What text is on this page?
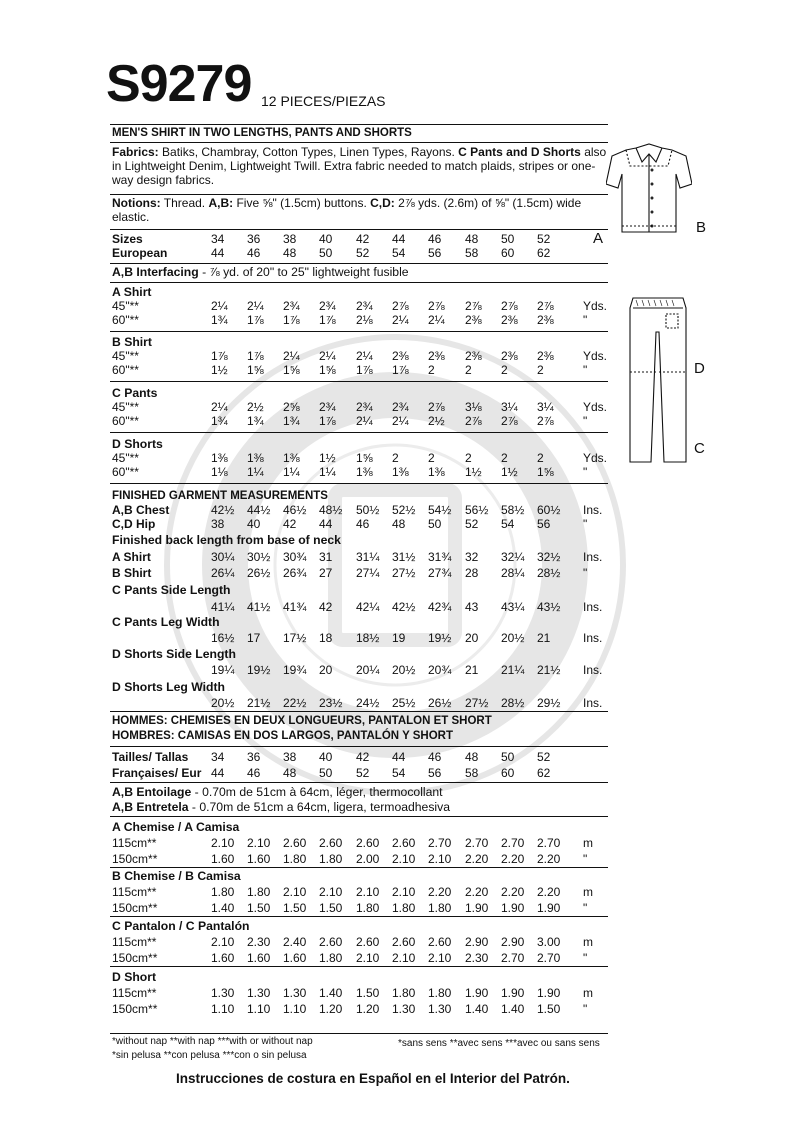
S9279 12 PIECES/PIEZAS
MEN'S SHIRT IN TWO LENGTHS, PANTS AND SHORTS
Fabrics: Batiks, Chambray, Cotton Types, Linen Types, Rayons. C Pants and D Shorts also in Lightweight Denim, Lightweight Twill. Extra fabric needed to match plaids, stripes or one-way design fabrics.
Notions: Thread. A,B: Five ⅝" (1.5cm) buttons. C,D: 2⅞ yds. (2.6m) of ⅝" (1.5cm) wide elastic.
*without nap **with nap ***with or without nap
*sin pelusa **con pelusa ***con o sin pelusa
*sans sens **avec sens ***avec ou sans sens
Instrucciones de costura en Español en el Interior del Patrón.
B
A
D
C
Sizes	34 36 38 40 42 44 46 48 50 52
European	44 46 48 50 52 54 56 58 60 62
A,B Interfacing - ⅞ yd. of 20" to 25" lightweight fusible
A Shirt
45"**	2¼ 2¼ 2¾ 2¾ 2¾ 2⅞ 2⅞ 2⅞ 2⅞ 2⅞ Yds.
60"**	1¾ 1⅞ 1⅞ 1⅞ 2⅛ 2¼ 2¼ 2⅜ 2⅜ 2⅜ "
B Shirt
45"**	1⅞ 1⅞ 2¼ 2¼ 2¼ 2⅜ 2⅜ 2⅜ 2⅜ 2⅜ Yds.
60"**	1½ 1⅝ 1⅝ 1⅝ 1⅞ 1⅞ 2	2 2 2	"
C Pants
45"**	2¼ 2½ 2⅝ 2¾ 2¾ 2¾ 2⅞ 3⅛ 3¼ 3¼ Yds.
60"**	1¾ 1¾ 1¾ 1⅞ 2¼ 2¼ 2½ 2⅞ 2⅞ 2⅞ "
D Shorts
45"**	1⅜ 1⅜ 1⅜ 1½ 1⅝ 2 2	2 2 2	Yds.
60"**	1⅛ 1¼ 1¼ 1¼ 1⅜ 1⅜ 1⅜ 1½ 1½ 1⅝ "
FINISHED GARMENT MEASUREMENTS
A,B Chest	42½ 44½ 46½ 48½ 50½ 52½ 54½ 56½ 58½ 60½ Ins.
C,D Hip	38 40 42 44 46 48 50 52 54 56	"
Finished back length from base of neck
A Shirt	30¼ 30½ 30¾ 31 31¼ 31½ 31¾ 32 32¼ 32½ Ins.
B Shirt	26¼ 26½ 26¾ 27 27¼ 27½ 27¾ 28 28¼ 28½ "
C Pants Side Length
41¼ 41½ 41¾ 42 42¼ 42½ 42¾ 43 43¼ 43½ Ins.
C Pants Leg Width
16½ 17 17½ 18 18½ 19 19½ 20 20½ 21	Ins.
D Shorts Side Length
19¼ 19½ 19¾ 20 20¼ 20½ 20¾ 21 21¼ 21½ Ins.
D Shorts Leg Width
20½ 21½ 22½ 23½ 24½ 25½ 26½ 27½ 28½ 29½ Ins.
HOMMES: CHEMISES EN DEUX LONGUEURS, PANTALON ET SHORT
HOMBRES: CAMISAS EN DOS LARGOS, PANTALÓN Y SHORT
Tailles/ Tallas 34 36 38 40 42 44 46 48 50 52
Françaises/ Eur 44 46 48 50 52 54 56 58 60 62
A,B Entoilage - 0.70m de 51cm à 64cm, léger, thermocollant
A,B Entretela - 0.70m de 51cm a 64cm, ligera, termoadhesiva
A Chemise / A Camisa
115cm**	2.10 2.10 2.60 2.60 2.60 2.60 2.70 2.70 2.70 2.70 m
150cm**	1.60 1.60 1.80 1.80 2.00 2.10 2.10 2.20 2.20 2.20 "
B Chemise / B Camisa
115cm**	1.80 1.80 2.10 2.10 2.10 2.10 2.20 2.20 2.20 2.20 m
150cm**	1.40 1.50 1.50 1.50 1.80 1.80 1.80 1.90 1.90 1.90 "
C Pantalon / C Pantalón
115cm**	2.10 2.30 2.40 2.60 2.60 2.60 2.60 2.90 2.90 3.00 m
150cm**	1.60 1.60 1.60 1.80 2.10 2.10 2.10 2.30 2.70 2.70 "
D Short
115cm**	1.30 1.30 1.30 1.40 1.50 1.80 1.80 1.90 1.90 1.90 m
150cm**	1.10 1.10 1.10 1.20 1.20 1.30 1.30 1.40 1.40 1.50 "
